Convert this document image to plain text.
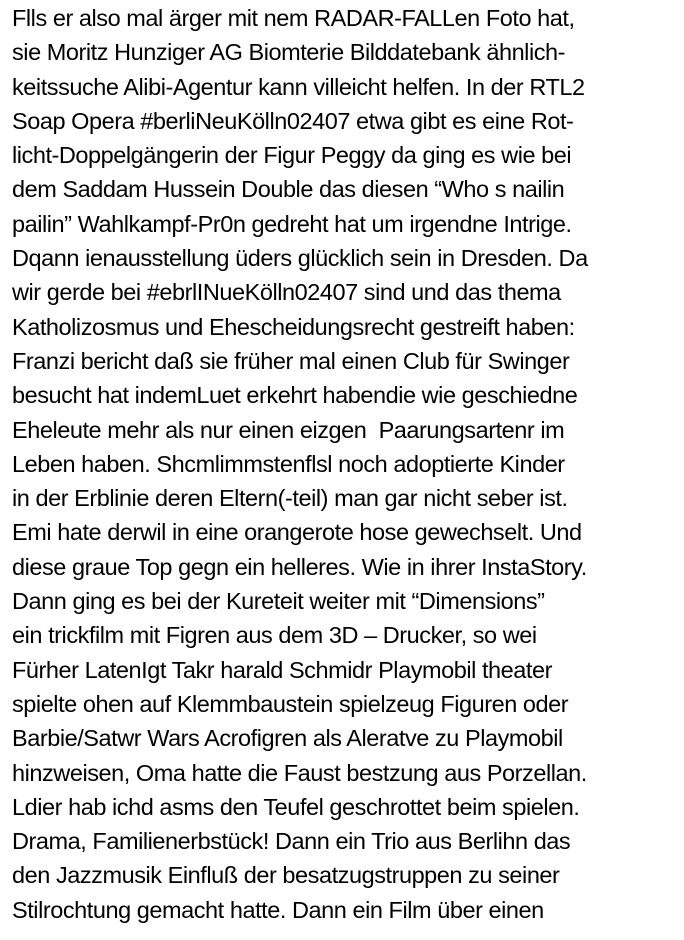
Flls er also mal ärger mit nem RADAR-FALLen Foto hat,
sie Moritz Hunziger AG Biomterie Bilddatebank ähnlich-
keitssuche Alibi-Agentur kann villeicht helfen. In der RTL2
Soap Opera #berliNeuKölln02407 etwa gibt es eine Rot-
licht-Doppelgängerin der Figur Peggy da ging es wie bei
dem Saddam Hussein Double das diesen “Who s nailin
pailin” Wahlkampf-Pr0n gedreht hat um irgendne Intrige.
Dqann ienausstellung üders glücklich sein in Dresden. Da
wir gerde bei #ebrlINueKölln02407 sind und das thema
Katholizosmus und Ehescheidungsrecht gestreift haben:
Franzi bericht daß sie früher mal einen Club für Swinger
besucht hat indemLuet erkehrt habendie wie geschiedne
Eheleute mehr als nur einen eizgen  Paarungsartenr im
Leben haben. Shcmlimmstenflsl noch adoptierte Kinder
in der Erblinie deren Eltern(-teil) man gar nicht seber ist.
Emi hate derwil in eine orangerote hose gewechselt. Und
diese graue Top gegn ein helleres. Wie in ihrer InstaStory.
Dann ging es bei der Kureteit weiter mit “Dimensions”
ein trickfilm mit Figren aus dem 3D – Drucker, so wei
Fürher LatenIgt Takr harald Schmidr Playmobil theater
spielte ohen auf Klemmbaustein spielzeug Figuren oder
Barbie/Satwr Wars Acrofigren als Aleratve zu Playmobil
hinzweisen, Oma hatte die Faust bestzung aus Porzellan.
Ldier hab ichd asms den Teufel geschrottet beim spielen.
Drama, Familienerbstück! Dann ein Trio aus Berlihn das
den Jazzmusik Einfluß der besatzugstruppen zu seiner
Stilrochtung gemacht hatte. Dann ein Film über einen
